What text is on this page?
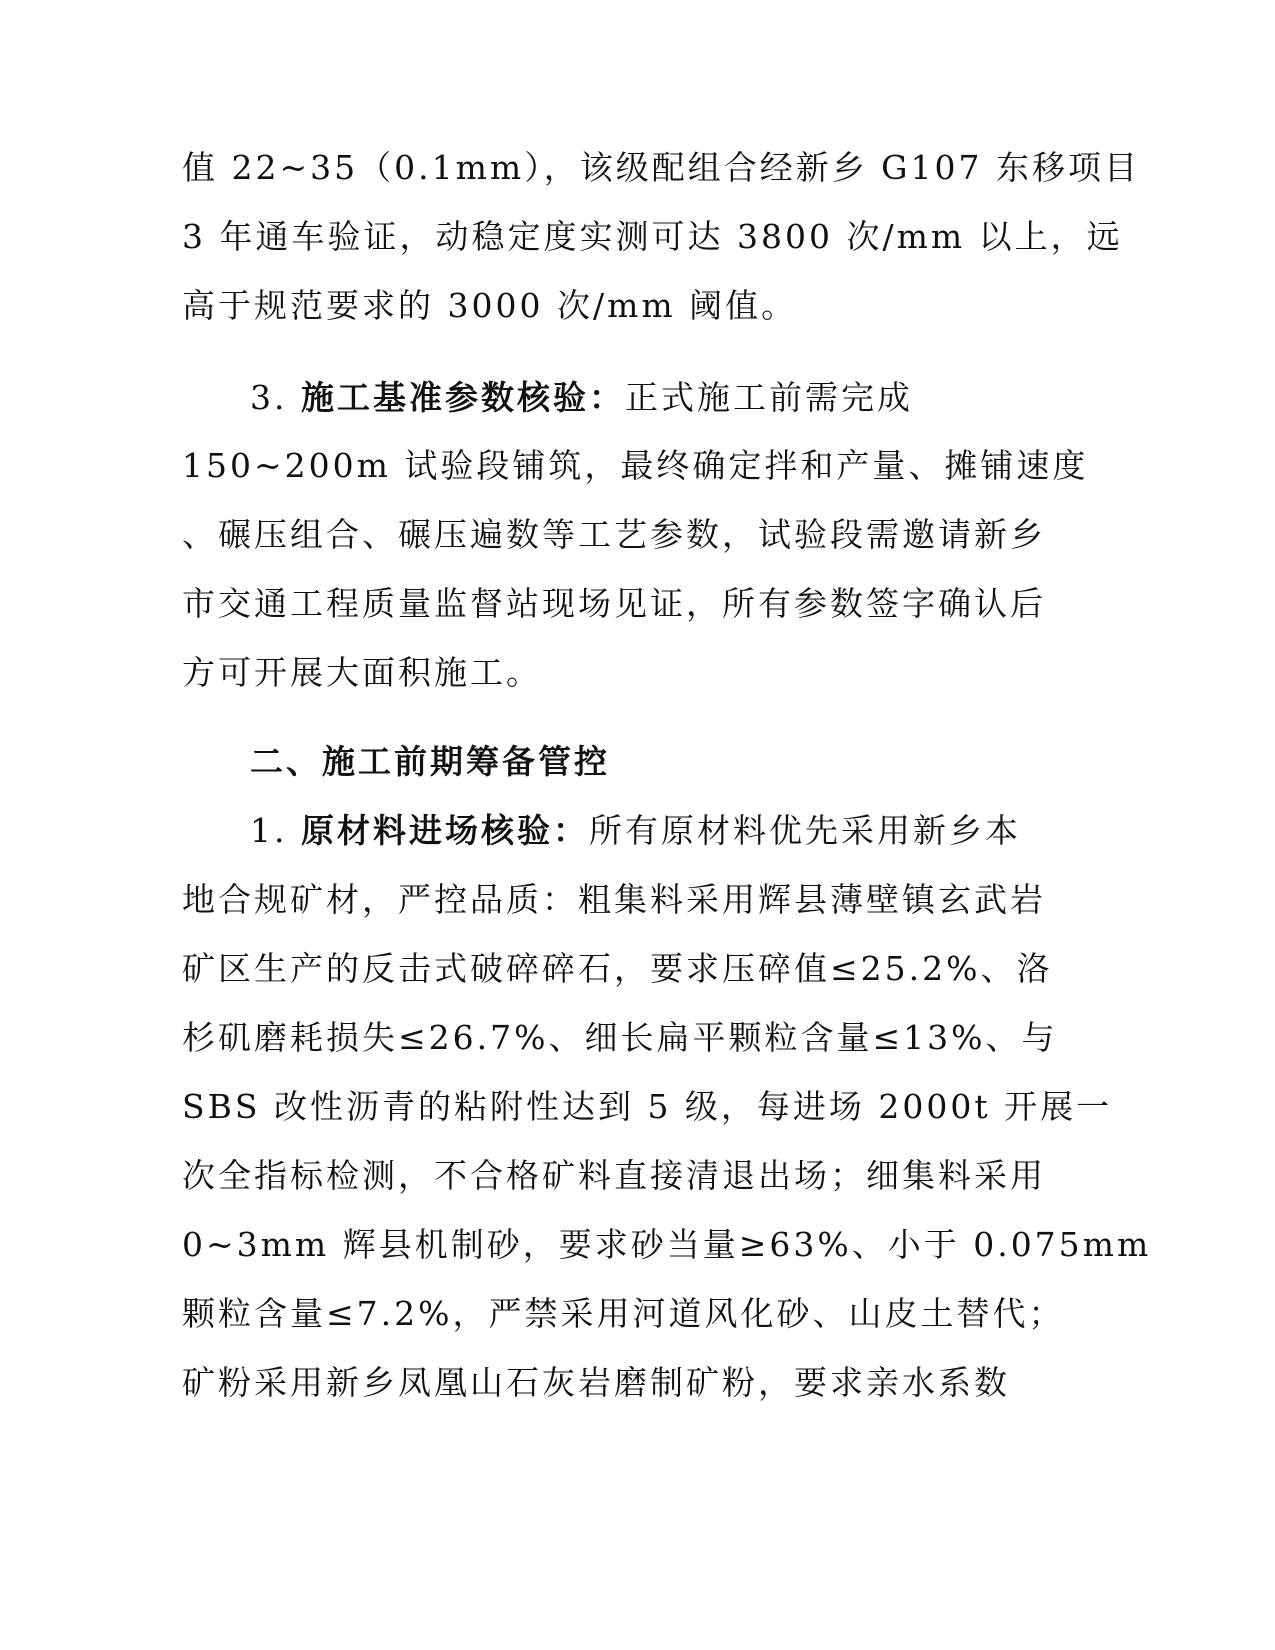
值 22~35（0.1mm），该级配组合经新乡 G107 东移项目
3 年通车验证，动稳定度实测可达 3800 次/mm 以上，远
高于规范要求的 3000 次/mm 阈值。
3. 施工基准参数核验：正式施工前需完成
150~200m 试验段铺筑，最终确定拌和产量、摊铺速度
、碾压组合、碾压遍数等工艺参数，试验段需邀请新乡
市交通工程质量监督站现场见证，所有参数签字确认后
方可开展大面积施工。
二、施工前期筹备管控
1. 原材料进场核验：所有原材料优先采用新乡本
地合规矿材，严控品质：粗集料采用辉县薄壁镇玄武岩
矿区生产的反击式破碎碎石，要求压碎值≤25.2%、洛
杉矶磨耗损失≤26.7%、细长扁平颗粒含量≤13%、与
SBS 改性沥青的粘附性达到 5 级，每进场 2000t 开展一
次全指标检测，不合格矿料直接清退出场；细集料采用
0~3mm 辉县机制砂，要求砂当量≥63%、小于 0.075mm
颗粒含量≤7.2%，严禁采用河道风化砂、山皮土替代；
矿粉采用新乡凤凰山石灰岩磨制矿粉，要求亲水系数
